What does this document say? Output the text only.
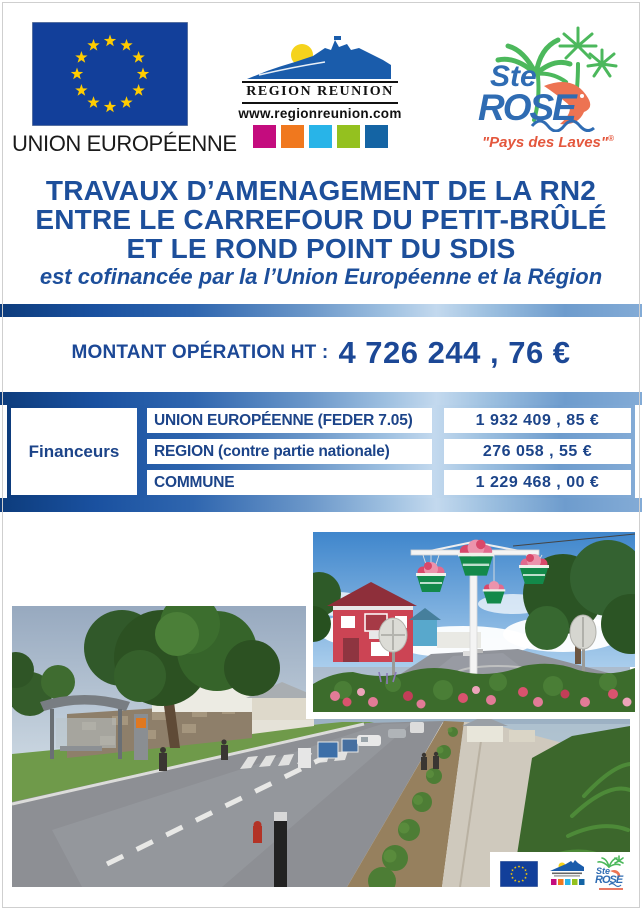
UNION EUROPÉENNE
REGION REUNION
www.regionreunion.com
Ste
ROSE
"Pays des Laves"®
TRAVAUX D’AMENAGEMENT DE LA RN2
ENTRE LE CARREFOUR DU PETIT-BRÛLÉ
ET LE ROND POINT DU SDIS
est cofinancée par la l’Union Européenne et la Région
MONTANT OPÉRATION HT : 4 726 244 , 76 €
Financeurs
UNION EUROPÉENNE (FEDER 7.05)	1 932 409 , 85 €
REGION (contre partie nationale)	276 058 , 55 €
COMMUNE	1 229 468 , 00 €
Ste
ROSE
